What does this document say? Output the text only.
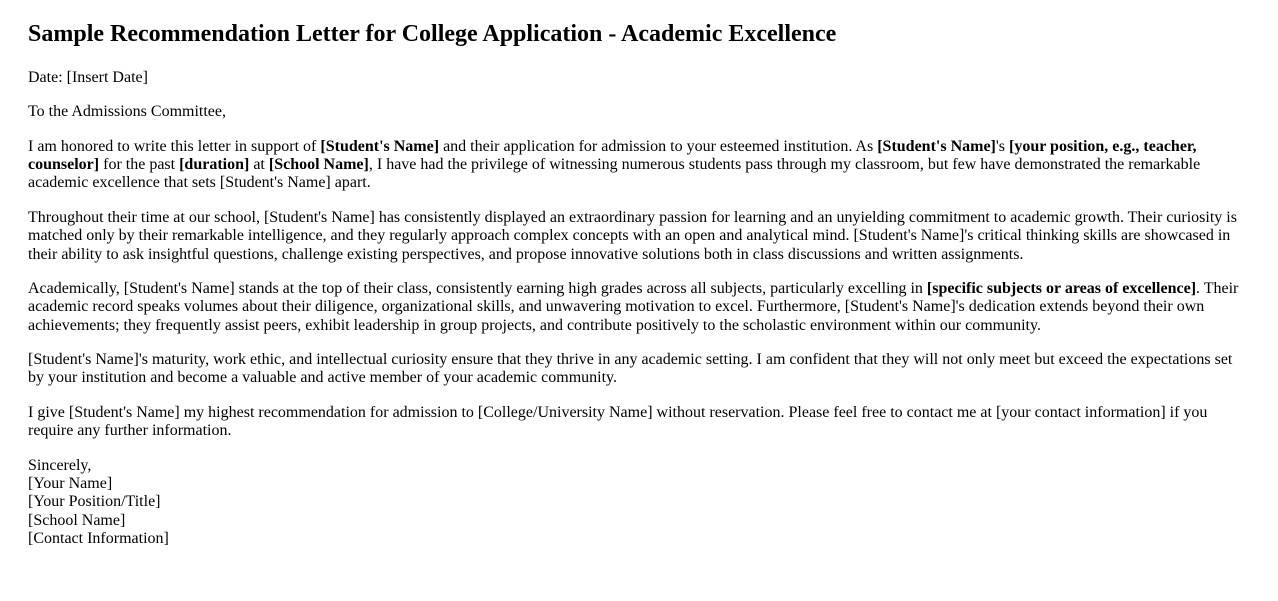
Sample Recommendation Letter for College Application - Academic Excellence

Date: [Insert Date]

To the Admissions Committee,

I am honored to write this letter in support of [Student's Name] and their application for admission to your esteemed institution. As [Student's Name]'s [your position, e.g., teacher, counselor] for the past [duration] at [School Name], I have had the privilege of witnessing numerous students pass through my classroom, but few have demonstrated the remarkable academic excellence that sets [Student's Name] apart.

Throughout their time at our school, [Student's Name] has consistently displayed an extraordinary passion for learning and an unyielding commitment to academic growth. Their curiosity is matched only by their remarkable intelligence, and they regularly approach complex concepts with an open and analytical mind. [Student's Name]'s critical thinking skills are showcased in their ability to ask insightful questions, challenge existing perspectives, and propose innovative solutions both in class discussions and written assignments.

Academically, [Student's Name] stands at the top of their class, consistently earning high grades across all subjects, particularly excelling in [specific subjects or areas of excellence]. Their academic record speaks volumes about their diligence, organizational skills, and unwavering motivation to excel. Furthermore, [Student's Name]'s dedication extends beyond their own achievements; they frequently assist peers, exhibit leadership in group projects, and contribute positively to the scholastic environment within our community.

[Student's Name]'s maturity, work ethic, and intellectual curiosity ensure that they thrive in any academic setting. I am confident that they will not only meet but exceed the expectations set by your institution and become a valuable and active member of your academic community.

I give [Student's Name] my highest recommendation for admission to [College/University Name] without reservation. Please feel free to contact me at [your contact information] if you require any further information.

Sincerely,
[Your Name]
[Your Position/Title]
[School Name]
[Contact Information]
